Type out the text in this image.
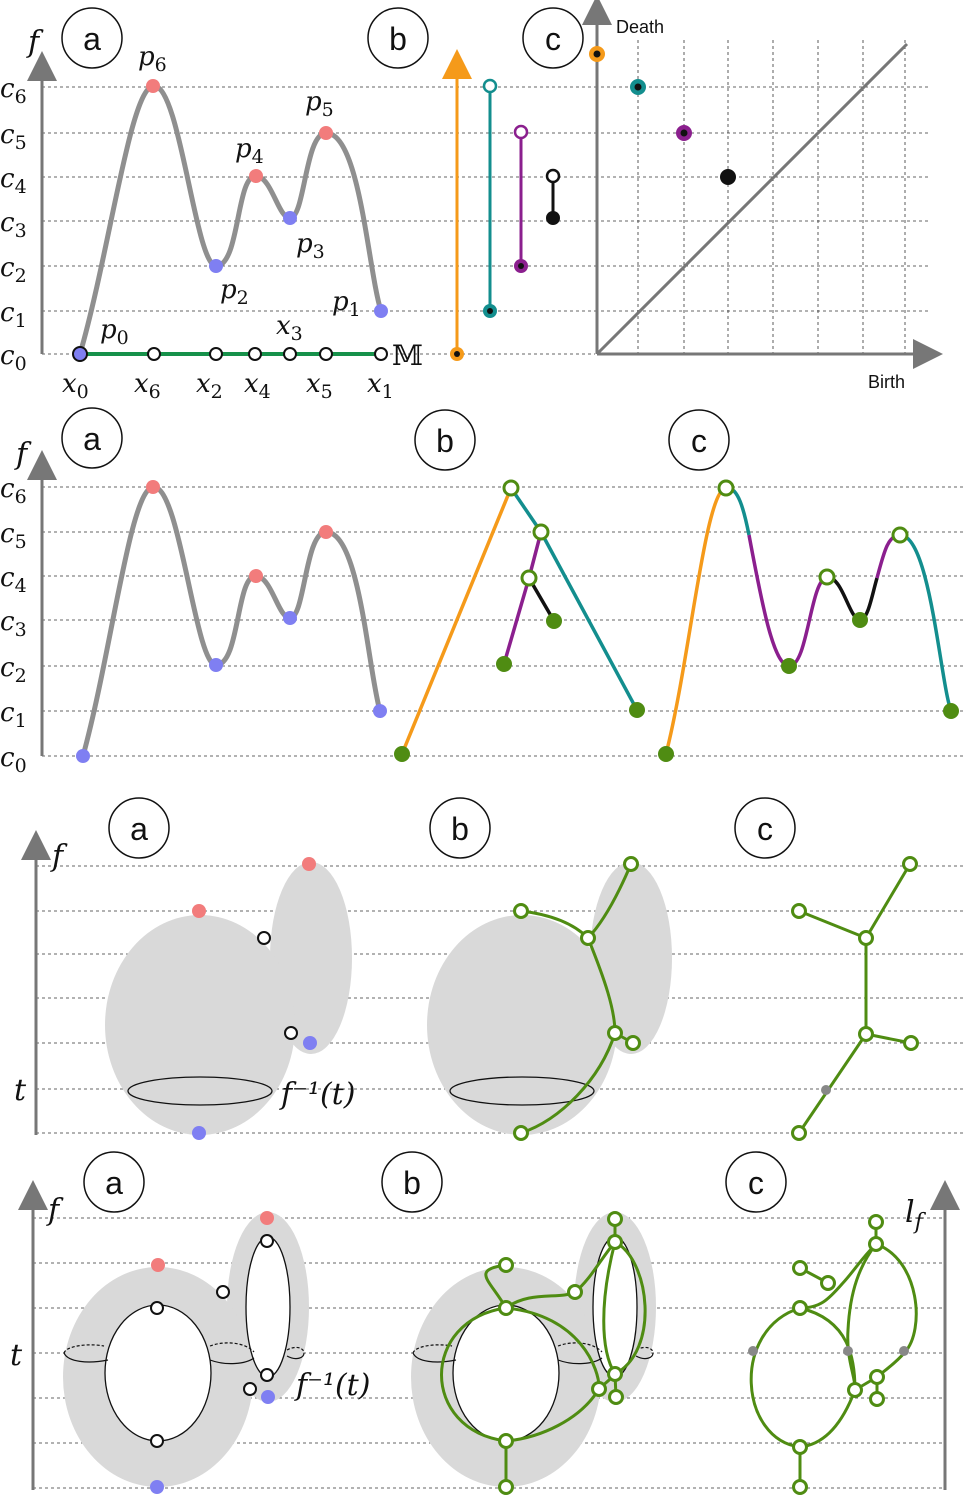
f
$c_6$
$c_5$
$c_4$
$c_3$
$c_2$
$c_1$
$c_0$
$p_6$
$p_5$
$p_4$
$p_3$
$p_2$	$p_1$
$p_0$
$x_0$ $x_6$ $x_2$ $x_4$
$x_3$
$x_5$ $x_1$
𝕄
a	b	c	Death
Birth
f
$c_6$
$c_5$
$c_4$
$c_3$
$c_2$
$c_1$
$c_0$
a	b	c
f
t
a	b	c
f⁻¹(t)
f
t
$l_f$
a	b	c
f⁻¹(t)
